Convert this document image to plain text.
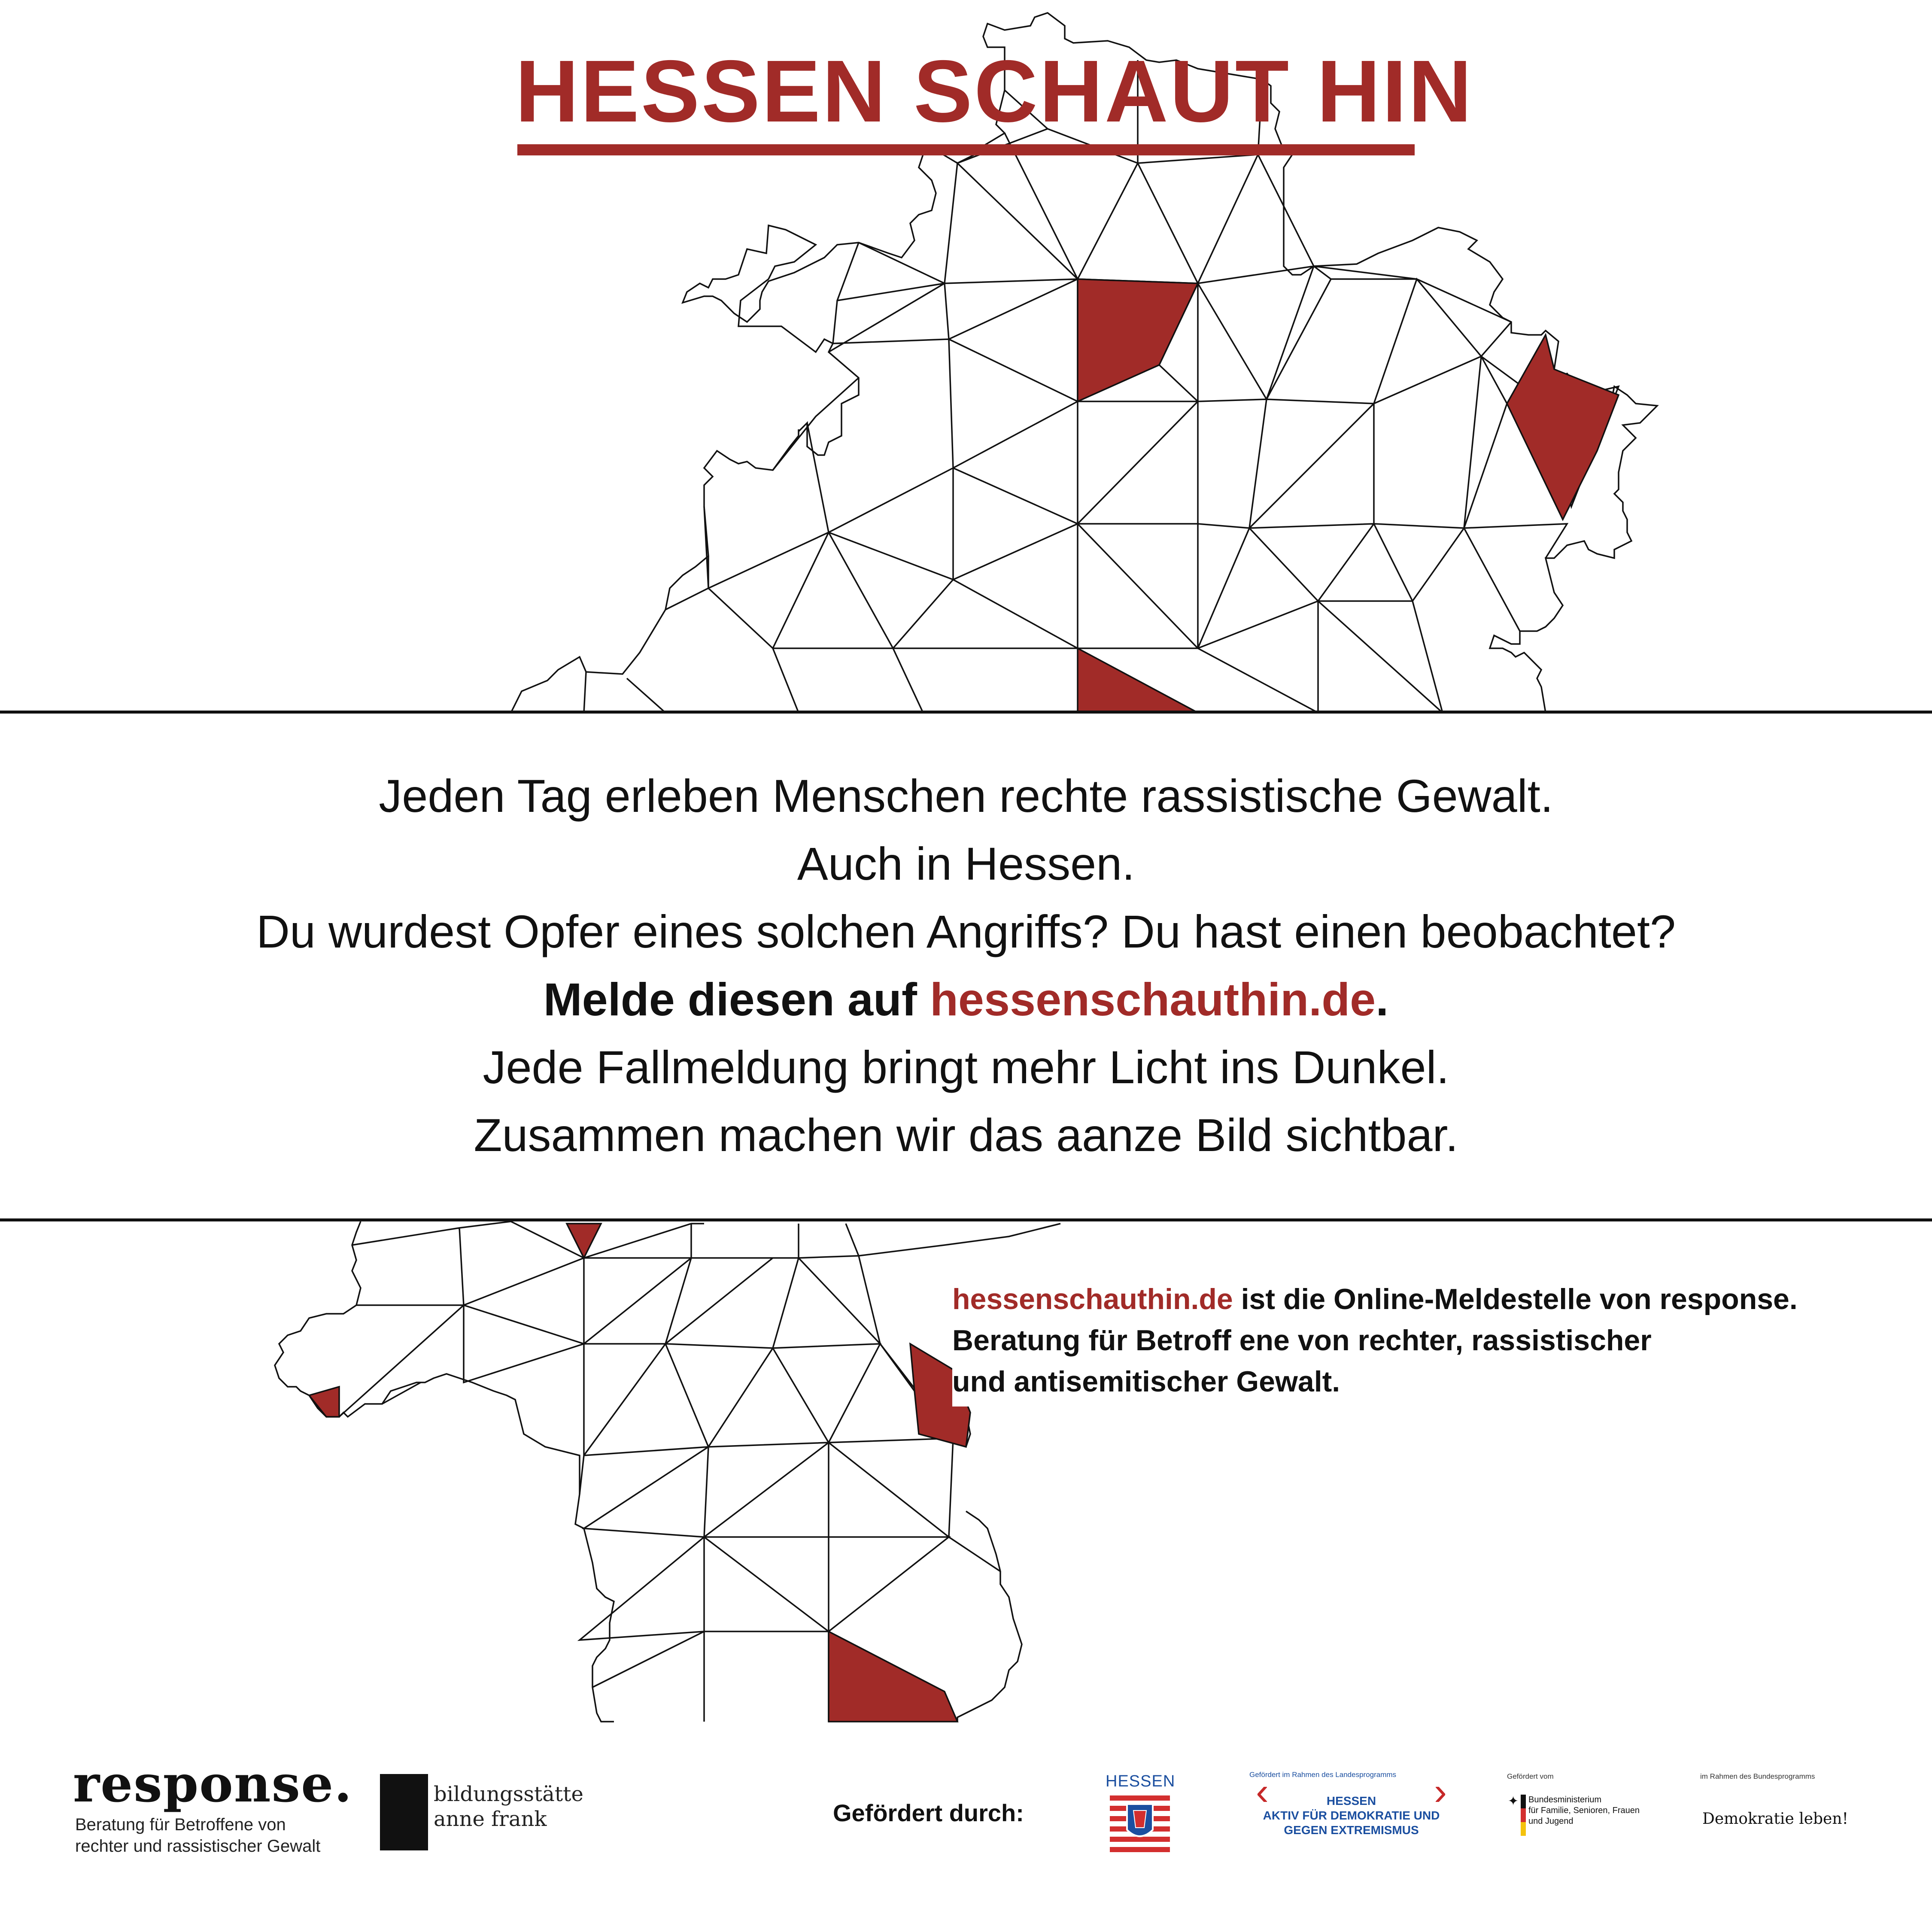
HESSEN SCHAUT HIN
Jeden Tag erleben Menschen rechte rassistische Gewalt.
Auch in Hessen.
Du wurdest Opfer eines solchen Angriffs? Du hast einen beobachtet?
Melde diesen auf hessenschauthin.de.
Jede Fallmeldung bringt mehr Licht ins Dunkel.
Zusammen machen wir das aanze Bild sichtbar.
hessenschauthin.de ist die Online-Meldestelle von response.
Beratung für Betroff ene von rechter, rassistischer
und antisemitischer Gewalt.
response.
Beratung für Betroffene von
rechter und rassistischer Gewalt
bildungsstätte
anne frank	Gefördert durch:
HESSEN	Gefördert im Rahmen des Landesprogramms
‹	HESSEN
AKTIV FÜR DEMOKRATIE UND
GEGEN EXTREMISMUS
›	Gefördert vom
✦ Bundesministerium
für Familie, Senioren, Frauen
und Jugend
im Rahmen des Bundesprogramms
Demokratie leben!
